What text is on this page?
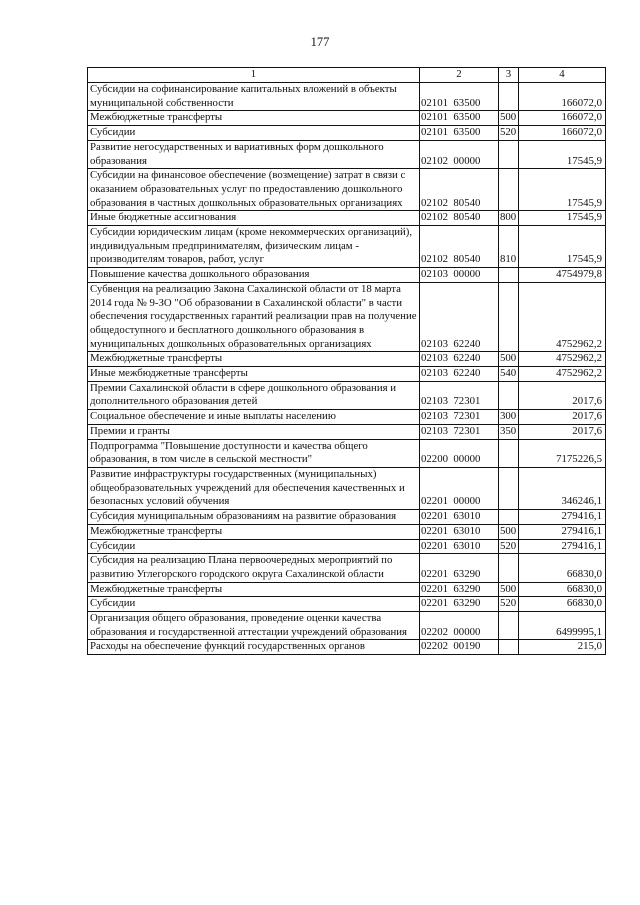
177
1	2	3	4
Субсидии на софинансирование капитальных вложений в объекты муниципальной собственности	02101  63500		166072,0
Межбюджетные трансферты	02101  63500	500	166072,0
Субсидии	02101  63500	520	166072,0
Развитие негосударственных и вариативных форм дошкольного образования	02102  00000		17545,9
Субсидии на финансовое обеспечение (возмещение) затрат в связи с оказанием образовательных услуг по предоставлению дошкольного образования в частных дошкольных образовательных организациях	02102  80540		17545,9
Иные бюджетные ассигнования	02102  80540	800	17545,9
Субсидии юридическим лицам (кроме некоммерческих организаций), индивидуальным предпринимателям, физическим лицам - производителям товаров, работ, услуг	02102  80540	810	17545,9
Повышение качества дошкольного образования	02103  00000		4754979,8
Субвенция на реализацию Закона Сахалинской области от 18 марта 2014 года № 9-ЗО "Об образовании в Сахалинской области" в части обеспечения государственных гарантий реализации прав на получение общедоступного и бесплатного дошкольного образования в муниципальных дошкольных образовательных организациях	02103  62240		4752962,2
Межбюджетные трансферты	02103  62240	500	4752962,2
Иные межбюджетные трансферты	02103  62240	540	4752962,2
Премии Сахалинской области в сфере дошкольного образования и дополнительного образования детей	02103  72301		2017,6
Социальное обеспечение и иные выплаты населению	02103  72301	300	2017,6
Премии и гранты	02103  72301	350	2017,6
Подпрограмма "Повышение доступности и качества общего образования, в том числе в сельской местности"	02200  00000		7175226,5
Развитие инфраструктуры государственных (муниципальных) общеобразовательных учреждений для обеспечения качественных и безопасных условий обучения	02201  00000		346246,1
Субсидия муниципальным образованиям на развитие образования	02201  63010		279416,1
Межбюджетные трансферты	02201  63010	500	279416,1
Субсидии	02201  63010	520	279416,1
Субсидия на реализацию Плана первоочередных мероприятий по развитию Углегорского городского округа Сахалинской области	02201  63290		66830,0
Межбюджетные трансферты	02201  63290	500	66830,0
Субсидии	02201  63290	520	66830,0
Организация общего образования, проведение оценки качества образования и государственной аттестации учреждений образования	02202  00000		6499995,1
Расходы на обеспечение функций государственных органов	02202  00190		215,0
